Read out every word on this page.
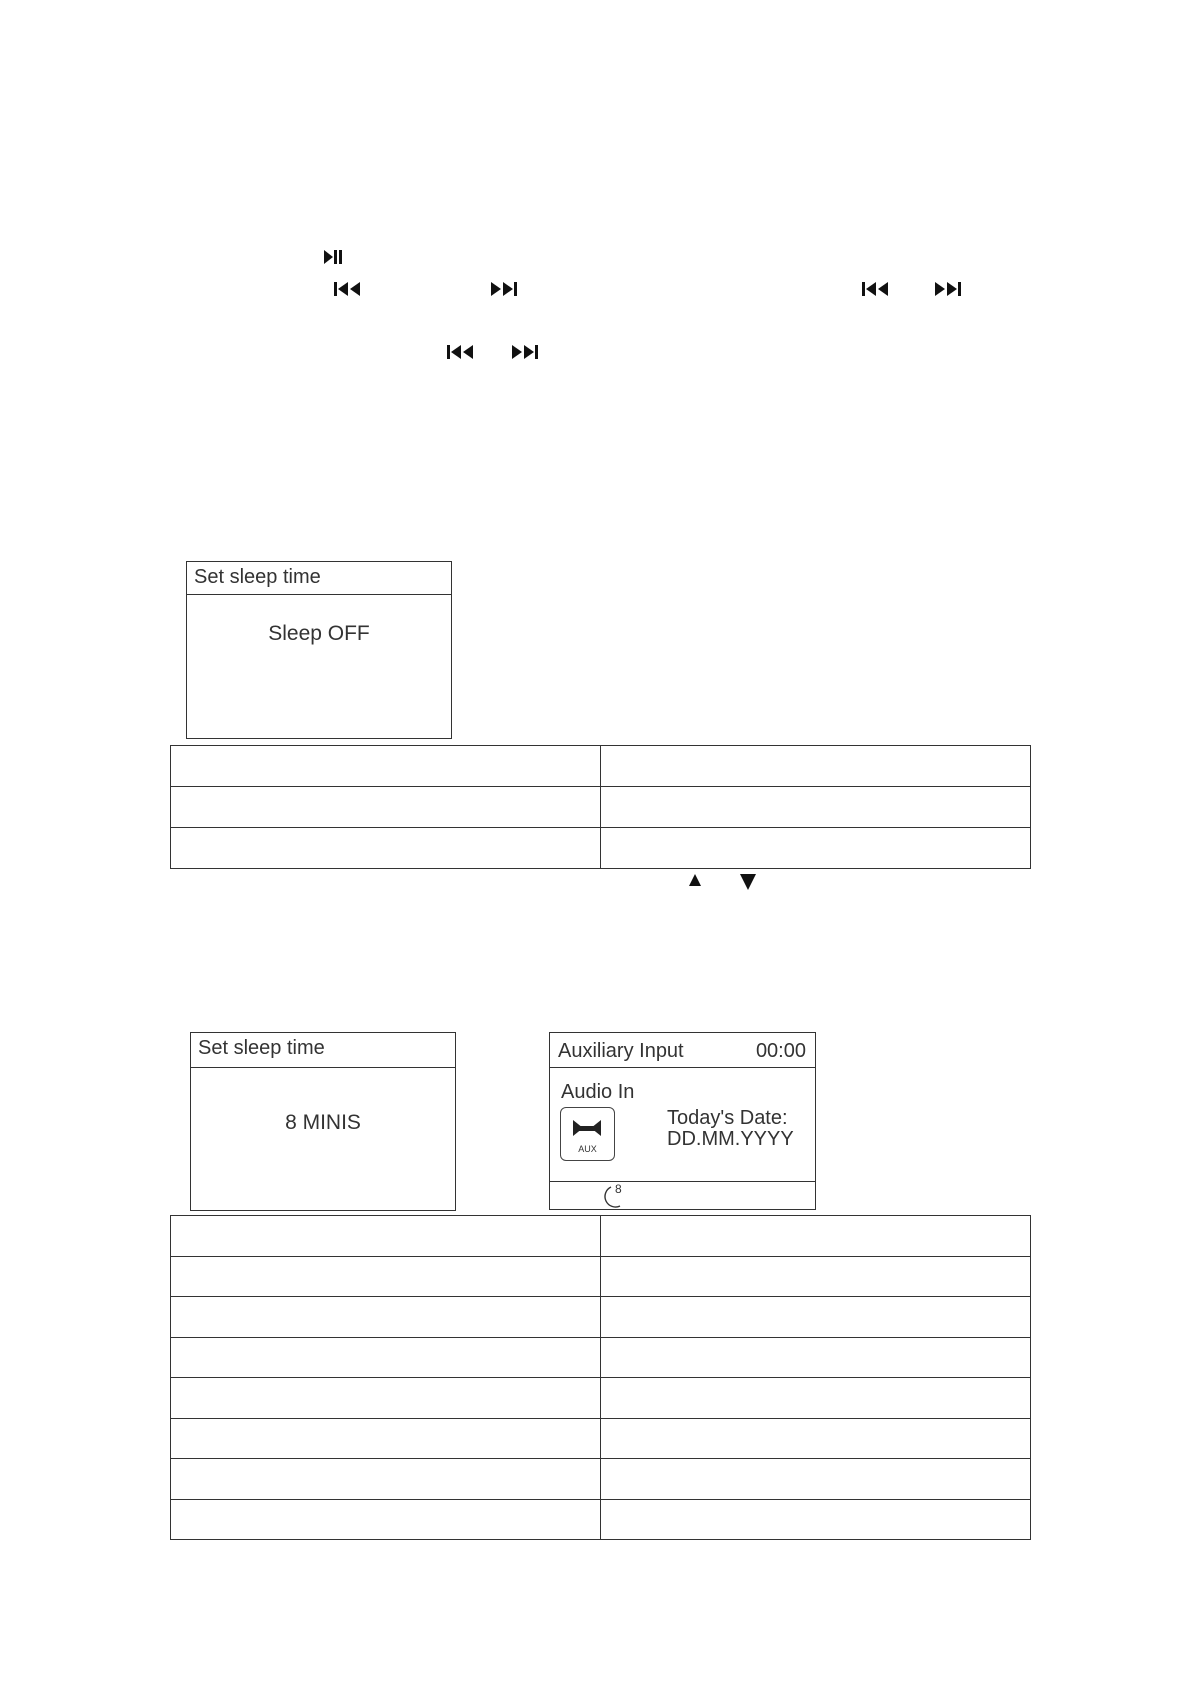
Set sleep time
Sleep OFF

Set sleep time
8 MINIS
Auxiliary Input	00:00
Audio In
AUX
Today's Date:
DD.MM.YYYY
8
